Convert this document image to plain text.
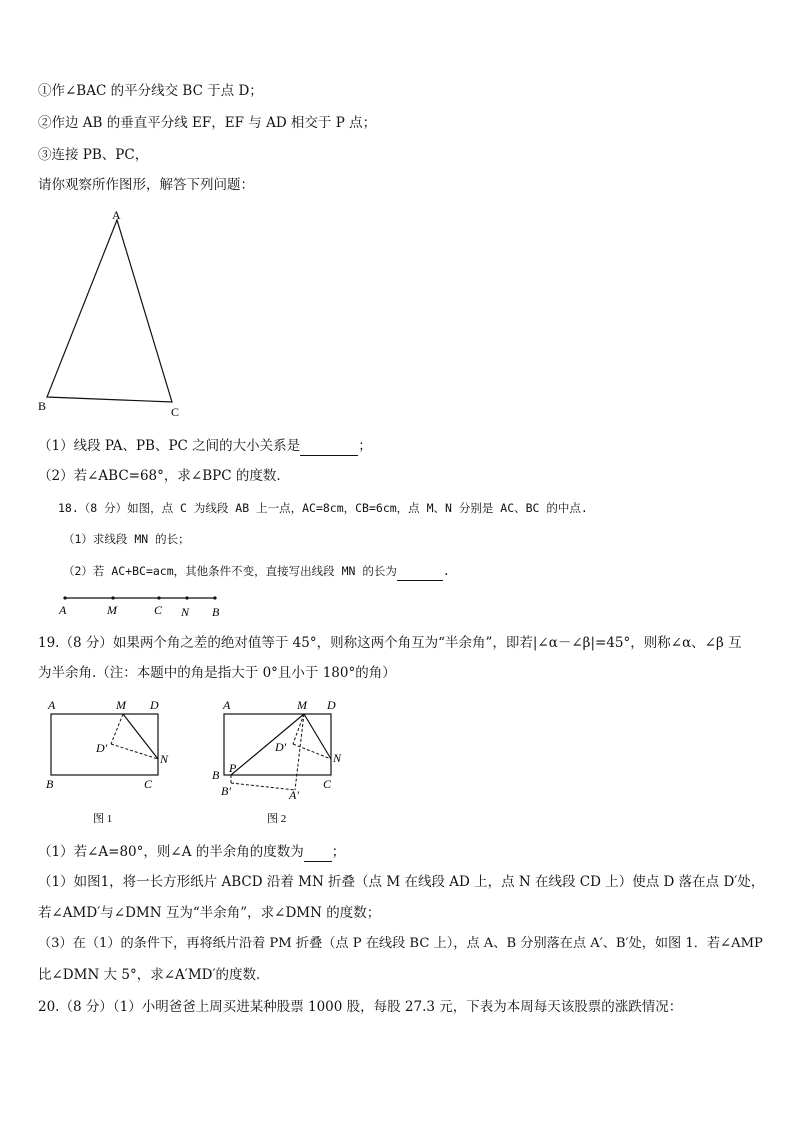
①作∠BAC 的平分线交 BC 于点 D；
②作边 AB 的垂直平分线 EF，EF 与 AD 相交于 P 点；
③连接 PB、PC，
请你观察所作图形，解答下列问题：
A
B	C
（1）线段 PA、PB、PC 之间的大小关系是	；
（2）若∠ABC=68°，求∠BPC 的度数.
18.（8 分）如图，点 C 为线段 AB 上一点，AC=8cm，CB=6cm，点 M、N 分别是 AC、BC 的中点.
（1）求线段 MN 的长；
（2）若 AC+BC=acm，其他条件不变，直接写出线段 MN 的长为	.
A	M	C N B
19.（8 分）如果两个角之差的绝对值等于 45°，则称这两个角互为“半余角”，即若|∠α－∠β|=45°，则称∠α、∠β 互
为半余角.（注：本题中的角是指大于 0°且小于 180°的角）
A	M D
D′
N
B	C
图 1
A	M D
D′
N
P
B
C
B′	A′
图 2
（1）若∠A=80°，则∠A 的半余角的度数为 ；
（1）如图1，将一长方形纸片 ABCD 沿着 MN 折叠（点 M 在线段 AD 上，点 N 在线段 CD 上）使点 D 落在点 D′处，
若∠AMD′与∠DMN 互为“半余角”，求∠DMN 的度数；
（3）在（1）的条件下，再将纸片沿着 PM 折叠（点 P 在线段 BC 上），点 A、B 分别落在点 A′、B′处，如图 1．若∠AMP
比∠DMN 大 5°，求∠A′MD′的度数．
20.（8 分）（1）小明爸爸上周买进某种股票 1000 股，每股 27.3 元，下表为本周每天该股票的涨跌情况：
